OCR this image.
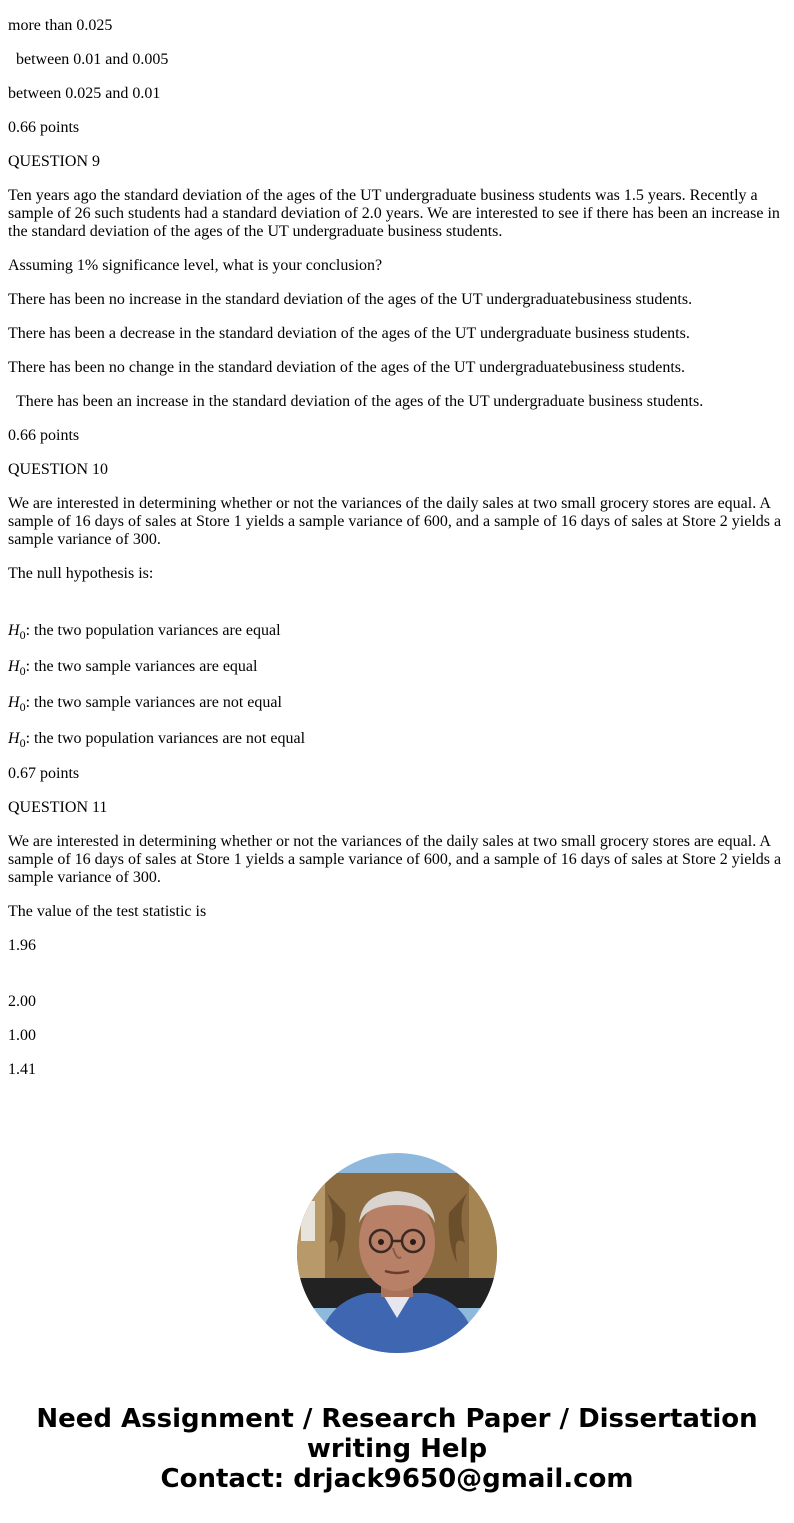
more than 0.025

between 0.01 and 0.005

between 0.025 and 0.01

0.66 points

QUESTION 9

Ten years ago the standard deviation of the ages of the UT undergraduate business students was 1.5 years. Recently a sample of 26 such students had a standard deviation of 2.0 years. We are interested to see if there has been an increase in the standard deviation of the ages of the UT undergraduate business students.

Assuming 1% significance level, what is your conclusion?

There has been no increase in the standard deviation of the ages of the UT undergraduatebusiness students.

There has been a decrease in the standard deviation of the ages of the UT undergraduate business students.

There has been no change in the standard deviation of the ages of the UT undergraduatebusiness students.

There has been an increase in the standard deviation of the ages of the UT undergraduate business students.

0.66 points

QUESTION 10

We are interested in determining whether or not the variances of the daily sales at two small grocery stores are equal. A sample of 16 days of sales at Store 1 yields a sample variance of 600, and a sample of 16 days of sales at Store 2 yields a sample variance of 300.

The null hypothesis is:

$H_0$: the two population variances are equal

$H_0$: the two sample variances are equal

$H_0$: the two sample variances are not equal

$H_0$: the two population variances are not equal

0.67 points

QUESTION 11

We are interested in determining whether or not the variances of the daily sales at two small grocery stores are equal. A sample of 16 days of sales at Store 1 yields a sample variance of 600, and a sample of 16 days of sales at Store 2 yields a sample variance of 300.

The value of the test statistic is

1.96

2.00

1.00

1.41

Need Assignment / Research Paper / Dissertation
writing Help
Contact: drjack9650@gmail.com
